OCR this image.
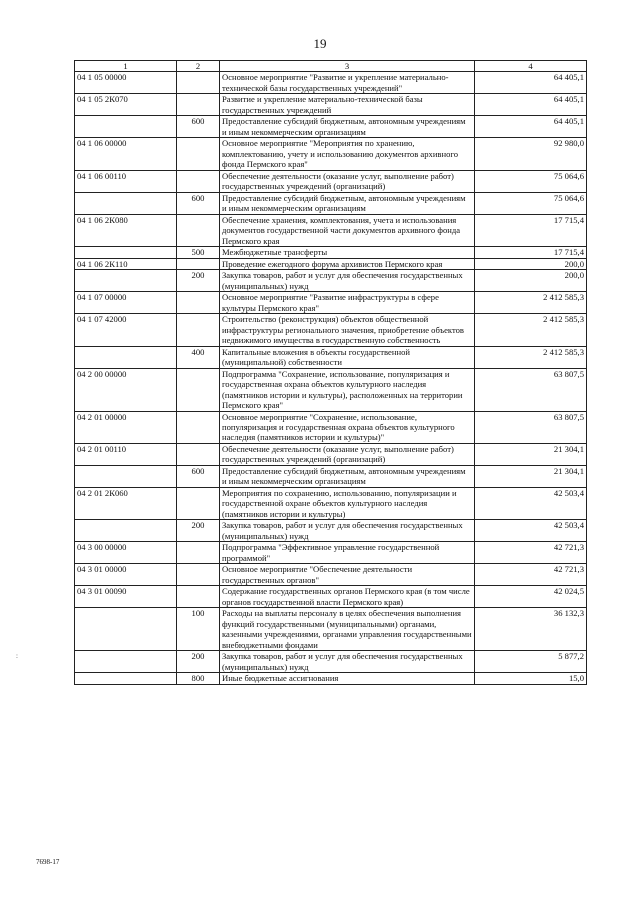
19
1	2	3	4
04 1 05 00000		Основное мероприятие "Развитие и укрепление материально-технической базы государственных учреждений"	64 405,1
04 1 05 2К070		Развитие и укрепление материально-технической базы государственных учреждений	64 405,1
	600	Предоставление субсидий бюджетным, автономным учреждениям и иным некоммерческим организациям	64 405,1
04 1 06 00000		Основное мероприятие "Мероприятия по хранению, комплектованию, учету и использованию документов архивного фонда Пермского края"	92 980,0
04 1 06 00110		Обеспечение деятельности (оказание услуг, выполнение работ) государственных учреждений (организаций)	75 064,6
	600	Предоставление субсидий бюджетным, автономным учреждениям и иным некоммерческим организациям	75 064,6
04 1 06 2К080		Обеспечение хранения, комплектования, учета и использования документов государственной части документов архивного фонда Пермского края	17 715,4
	500	Межбюджетные трансферты	17 715,4
04 1 06 2К110		Проведение ежегодного форума архивистов Пермского края	200,0
	200	Закупка товаров, работ и услуг для обеспечения государственных (муниципальных) нужд	200,0
04 1 07 00000		Основное мероприятие "Развитие инфраструктуры в сфере культуры Пермского края"	2 412 585,3
04 1 07 42000		Строительство (реконструкция) объектов общественной инфраструктуры регионального значения, приобретение объектов недвижимого имущества в государственную собственность	2 412 585,3
	400	Капитальные вложения в объекты государственной (муниципальной) собственности	2 412 585,3
04 2 00 00000		Подпрограмма "Сохранение, использование, популяризация и государственная охрана объектов культурного наследия (памятников истории и культуры), расположенных на территории Пермского края"	63 807,5
04 2 01 00000		Основное мероприятие "Сохранение, использование, популяризация и государственная охрана объектов культурного наследия (памятников истории и культуры)"	63 807,5
04 2 01 00110		Обеспечение деятельности (оказание услуг, выполнение работ) государственных учреждений (организаций)	21 304,1
	600	Предоставление субсидий бюджетным, автономным учреждениям и иным некоммерческим организациям	21 304,1
04 2 01 2К060		Мероприятия по сохранению, использованию, популяризации и государственной охране объектов культурного наследия (памятников истории и культуры)	42 503,4
	200	Закупка товаров, работ и услуг для обеспечения государственных (муниципальных) нужд	42 503,4
04 3 00 00000		Подпрограмма "Эффективное управление государственной программой"	42 721,3
04 3 01 00000		Основное мероприятие "Обеспечение деятельности государственных органов"	42 721,3
04 3 01 00090		Содержание государственных органов Пермского края (в том числе органов государственной власти Пермского края)	42 024,5
	100	Расходы на выплаты персоналу в целях обеспечения выполнения функций государственными (муниципальными) органами, казенными учреждениями, органами управления государственными внебюджетными фондами	36 132,3
	200	Закупка товаров, работ и услуг для обеспечения государственных (муниципальных) нужд	5 877,2
	800	Иные бюджетные ассигнования	15,0
:
7698-17
